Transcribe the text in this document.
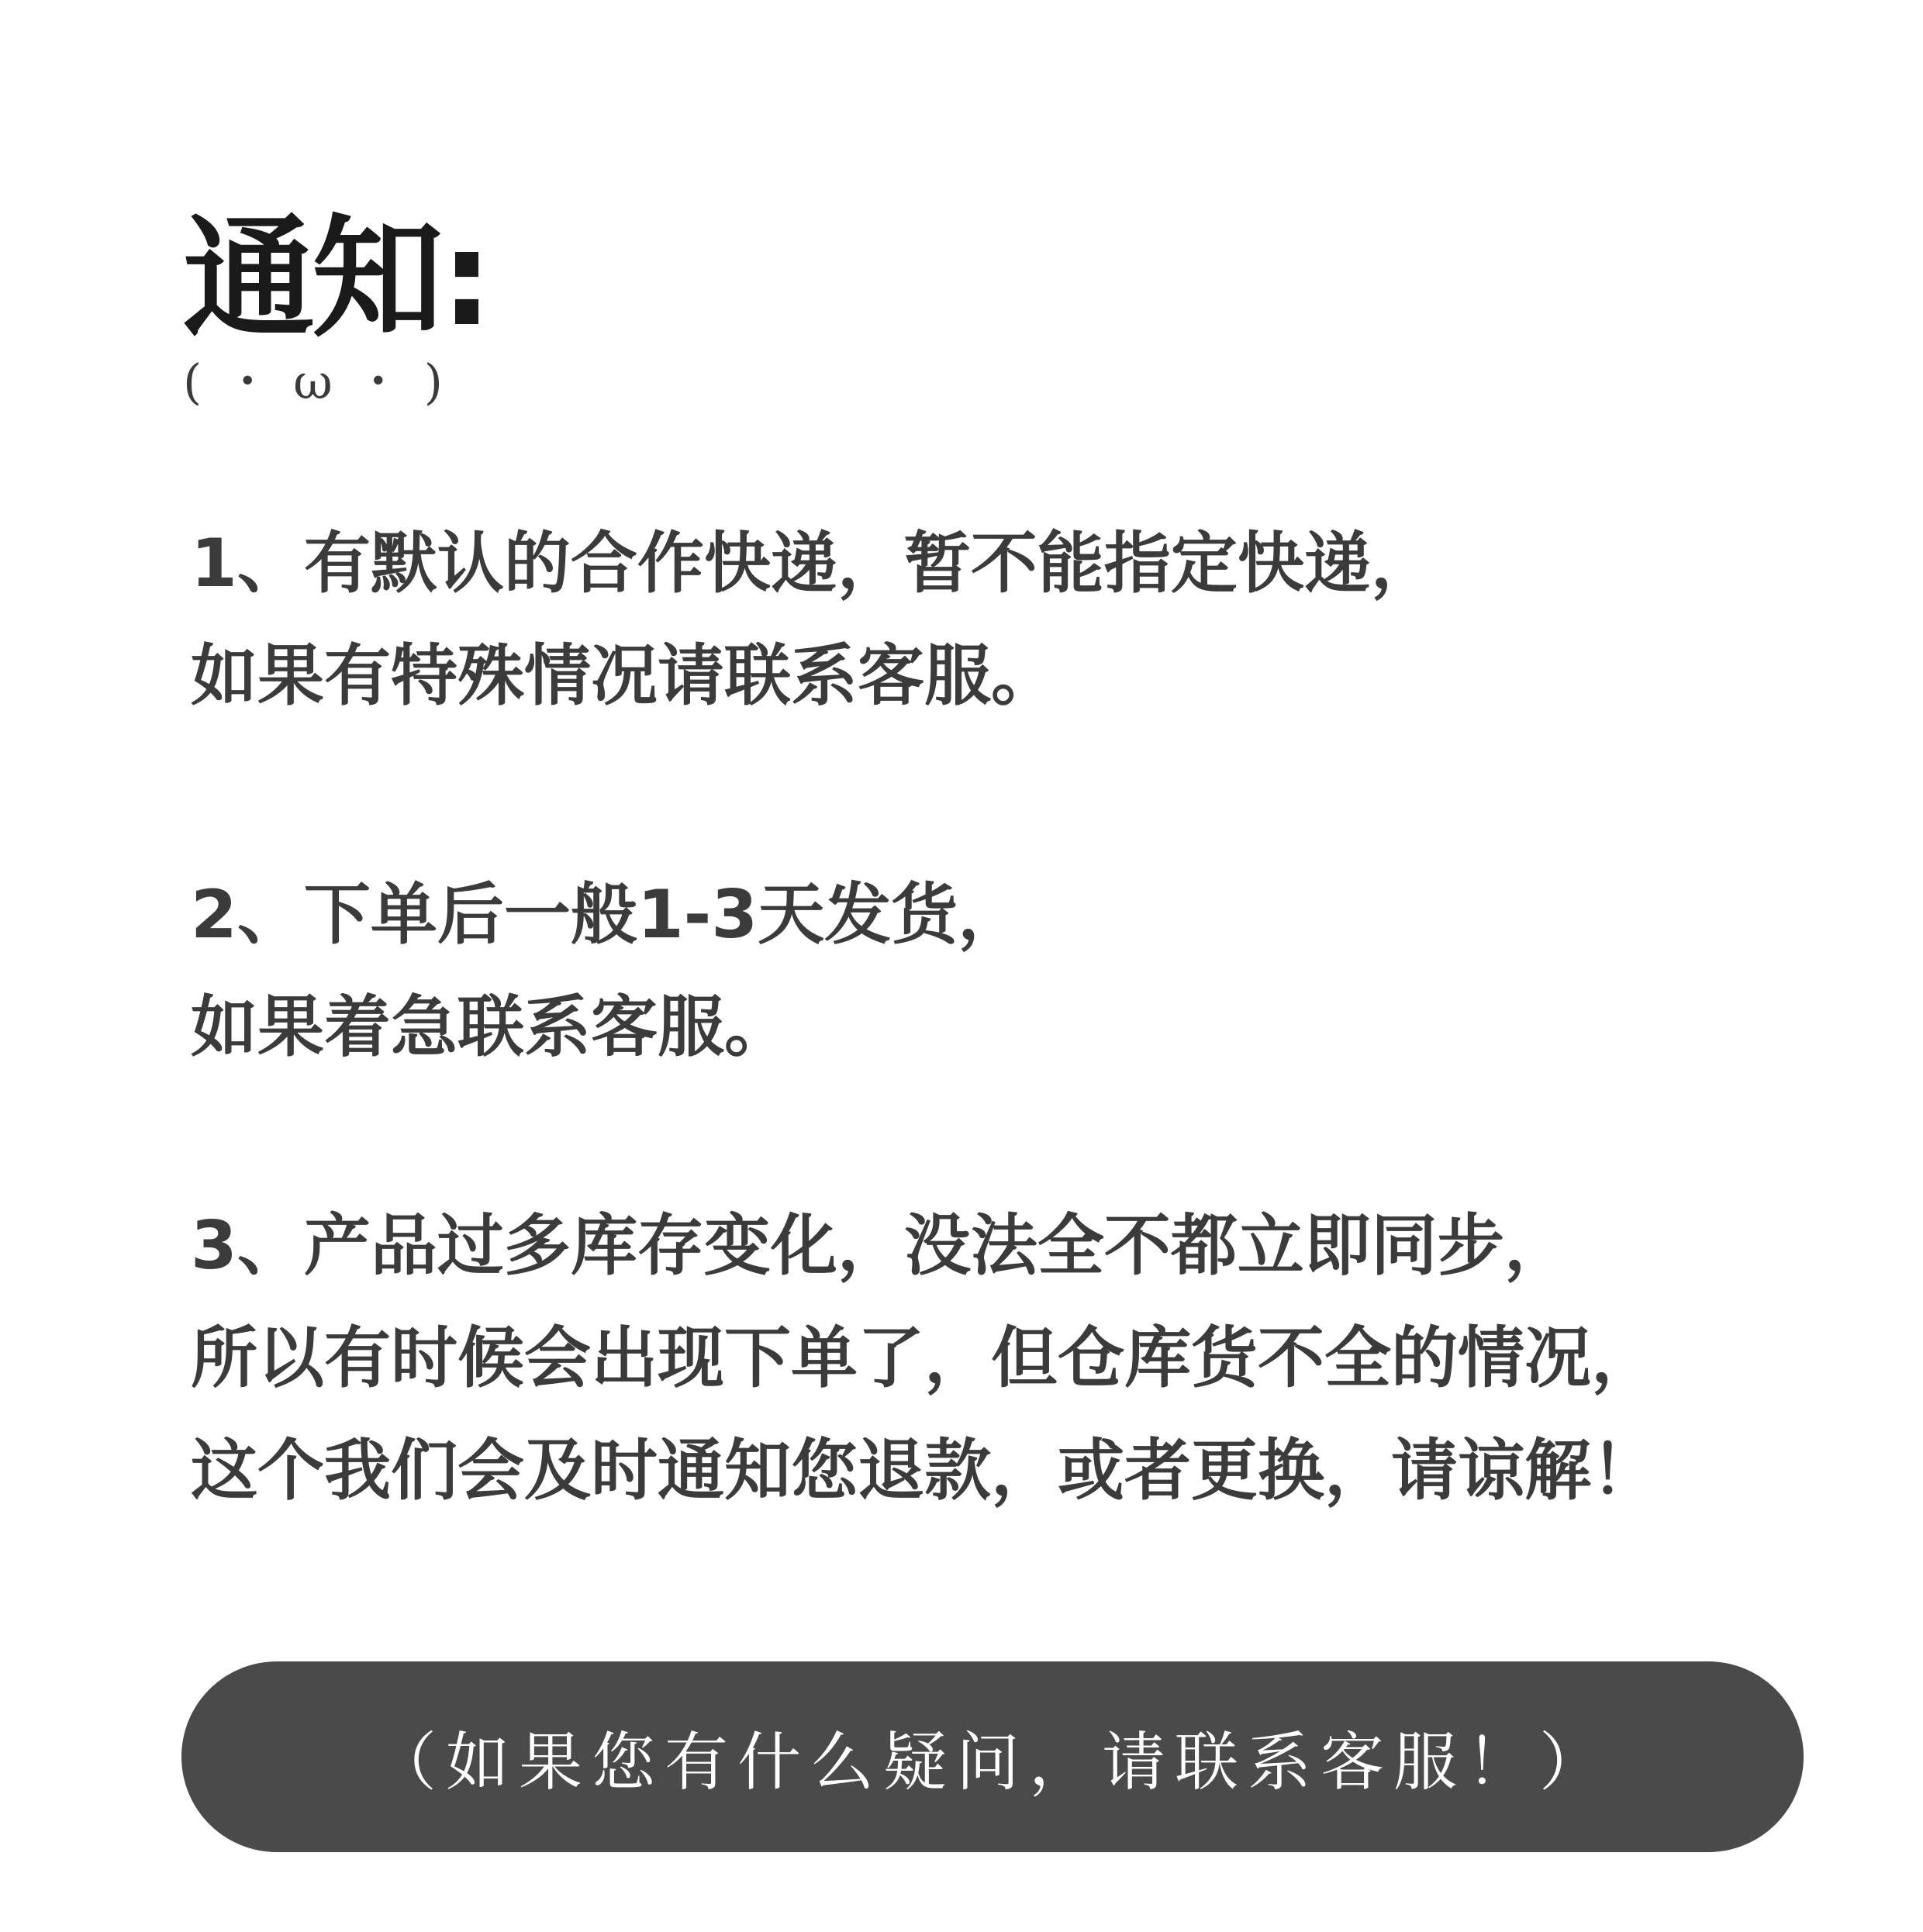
通知:
(・ω・)
1、有默认的合作快递，暂不能指定快递，
如果有特殊情况请联系客服。
2、下单后一般1-3天发货，
如果着急联系客服。
3、产品过多库存变化，没法全不都立即同步，
所以有时候会出现下单了，但仓库货不全的情况，
这个我们会及时通知您退款，或者更换，请谅解！
（如果您有什么疑问，请联系客服！）
